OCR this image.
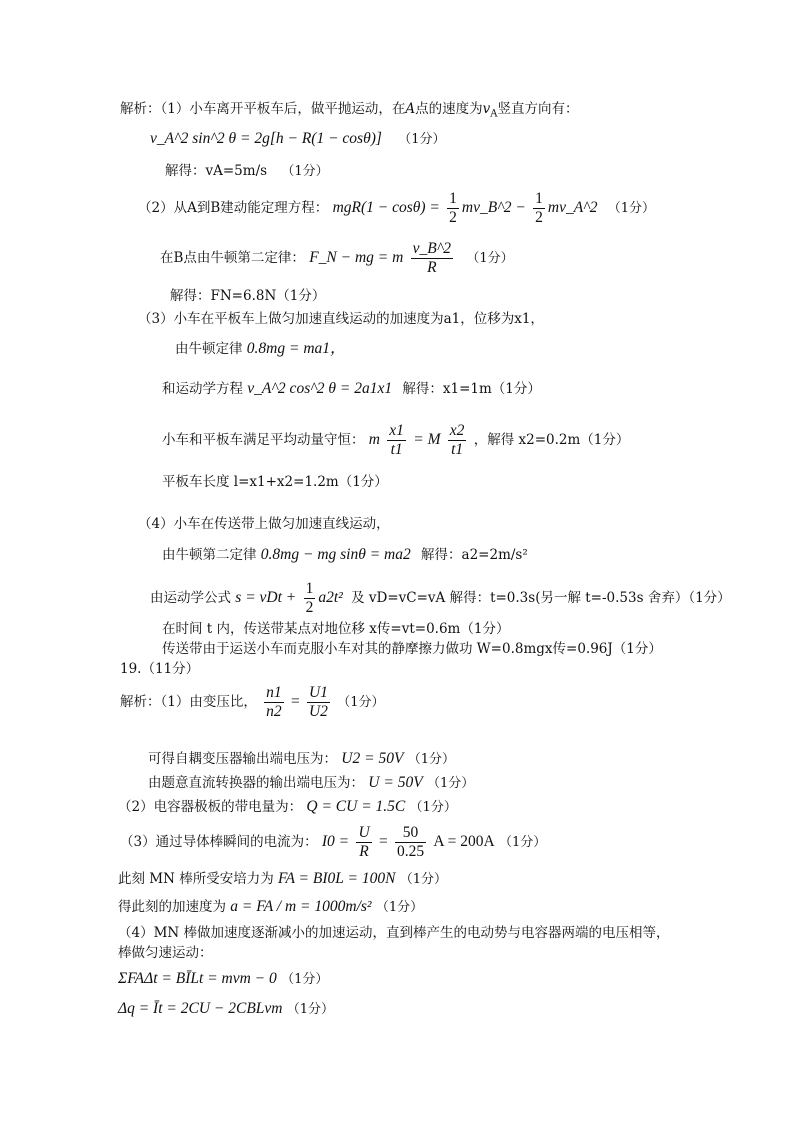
解析：（1）小车离开平板车后，做平抛运动，在A点的速度为$v_A$竖直方向有：
v_A^2 sin^2 θ = 2g[h − R(1 − cosθ)] （1分）
解得：vA=5m/s （1分）
（2）从A到B建动能定理方程： $mgR(1 - \cos\theta) = \frac{1}{2}$ mv_B^2 − $\frac{1}{2}$ mv_A^2 （1分）
在B点由牛顿第二定律： F_N − mg = m $\frac{v\_B\^{}2}{R} (1$分）
解得：FN=6.8N（1分）
（3）小车在平板车上做匀加速直线运动的加速度为a1，位移为x1，
由牛顿定律 0.8mg = ma1，
和运动学方程 v_A^2 cos^2 θ = 2a1x1 解得：x1=1m（1分）
小车和平板车满足平均动量守恒： m $\frac{x1}{t1} = M \frac{x2}{t1}$ ，解得 x2=0.2m（1分）
平板车长度 l=x1+x2=1.2m（1分）
（4）小车在传送带上做匀加速直线运动，
由牛顿第二定律 0.8mg − mg sinθ = ma2 解得：a2=2m/s²
由运动学公式 s = vDt + $\frac{1}{2} a2t^2$ 及 vD=vC=vA 解得：t=0.3s(另一解 t=-0.53s 舍弃）（1分）
在时间 t 内，传送带某点对地位移 x传=vt=0.6m（1分）
传送带由于运送小车而克服小车对其的静摩擦力做功 W=0.8mgx传=0.96J（1分）
19.（11分）
解析：（1）由变压比， $\frac{n1}{n2} = \frac{U1}{U2} (1$分）
可得自耦变压器输出端电压为： U2 = 50V （1分）
由题意直流转换器的输出端电压为： U = 50V （1分）
（2）电容器极板的带电量为： Q = CU = 1.5C （1分）
（3）通过导体棒瞬间的电流为： $I0 = \frac{U}{R} = \frac{50}{0.25}$ A = 200A （1分）
此刻 MN 棒所受安培力为 FA = BI0L = 100N （1分）
得此刻的加速度为 a = FA / m = 1000m/s² （1分）
（4）MN 棒做加速度逐渐减小的加速运动，直到棒产生的电动势与电容器两端的电压相等，
棒做匀速运动：
ΣFAΔt = BĪLt = mvm − 0 （1分）
Δq = Īt = 2CU − 2CBLvm （1分）
